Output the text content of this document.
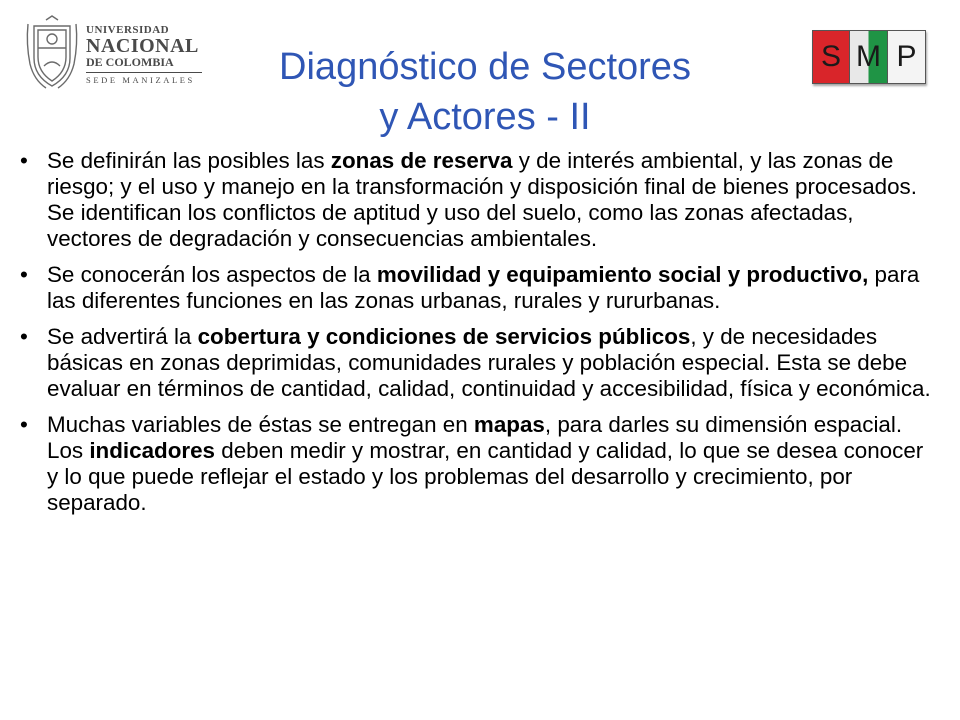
UNIVERSIDAD
NACIONAL
DE COLOMBIA
SEDE MANIZALES
S M P
Diagnóstico de Sectores
y Actores - II
• Se definirán las posibles las zonas de reserva y de interés ambiental, y las zonas de riesgo; y el uso y manejo en la transformación y disposición final de bienes procesados. Se identifican los conflictos de aptitud y uso del suelo, como las zonas afectadas, vectores de degradación y consecuencias ambientales.
• Se conocerán los aspectos de la movilidad y equipamiento social y productivo, para las diferentes funciones en las zonas urbanas, rurales y rururbanas.
• Se advertirá la cobertura y condiciones de servicios públicos, y de necesidades básicas en zonas deprimidas, comunidades rurales y población especial. Esta se debe evaluar en términos de cantidad, calidad, continuidad y accesibilidad, física y económica.
• Muchas variables de éstas se entregan en mapas, para darles su dimensión espacial. Los indicadores deben medir y mostrar, en cantidad y calidad, lo que se desea conocer y lo que puede reflejar el estado y los problemas del desarrollo y crecimiento, por separado.
